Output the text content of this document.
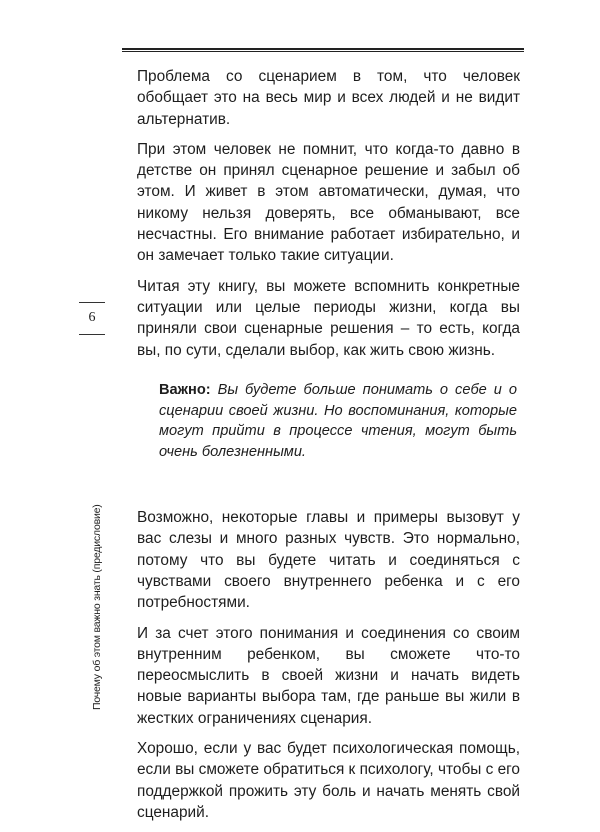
6
Почему об этом важно знать (предисловие)

Проблема со сценарием в том, что человек обобщает это на весь мир и всех людей и не видит альтернатив.

При этом человек не помнит, что когда-то давно в детстве он принял сценарное решение и забыл об этом. И живет в этом автоматически, думая, что никому нельзя доверять, все обманывают, все несчастны. Его внимание работает избирательно, и он замечает только такие ситуации.

Читая эту книгу, вы можете вспомнить конкретные ситуации или целые периоды жизни, когда вы приняли свои сценарные решения – то есть, когда вы, по сути, сделали выбор, как жить свою жизнь.

Важно: Вы будете больше понимать о себе и о сценарии своей жизни. Но воспоминания, которые могут прийти в процессе чтения, могут быть очень болезненными.

Возможно, некоторые главы и примеры вызовут у вас слезы и много разных чувств. Это нормально, потому что вы будете читать и соединяться с чувствами своего внутреннего ребенка и с его потребностями.

И за счет этого понимания и соединения со своим внутренним ребенком, вы сможете что-то переосмыслить в своей жизни и начать видеть новые варианты выбора там, где раньше вы жили в жестких ограничениях сценария.

Хорошо, если у вас будет психологическая помощь, если вы сможете обратиться к психологу, чтобы с его поддержкой прожить эту боль и начать менять свой сценарий.
